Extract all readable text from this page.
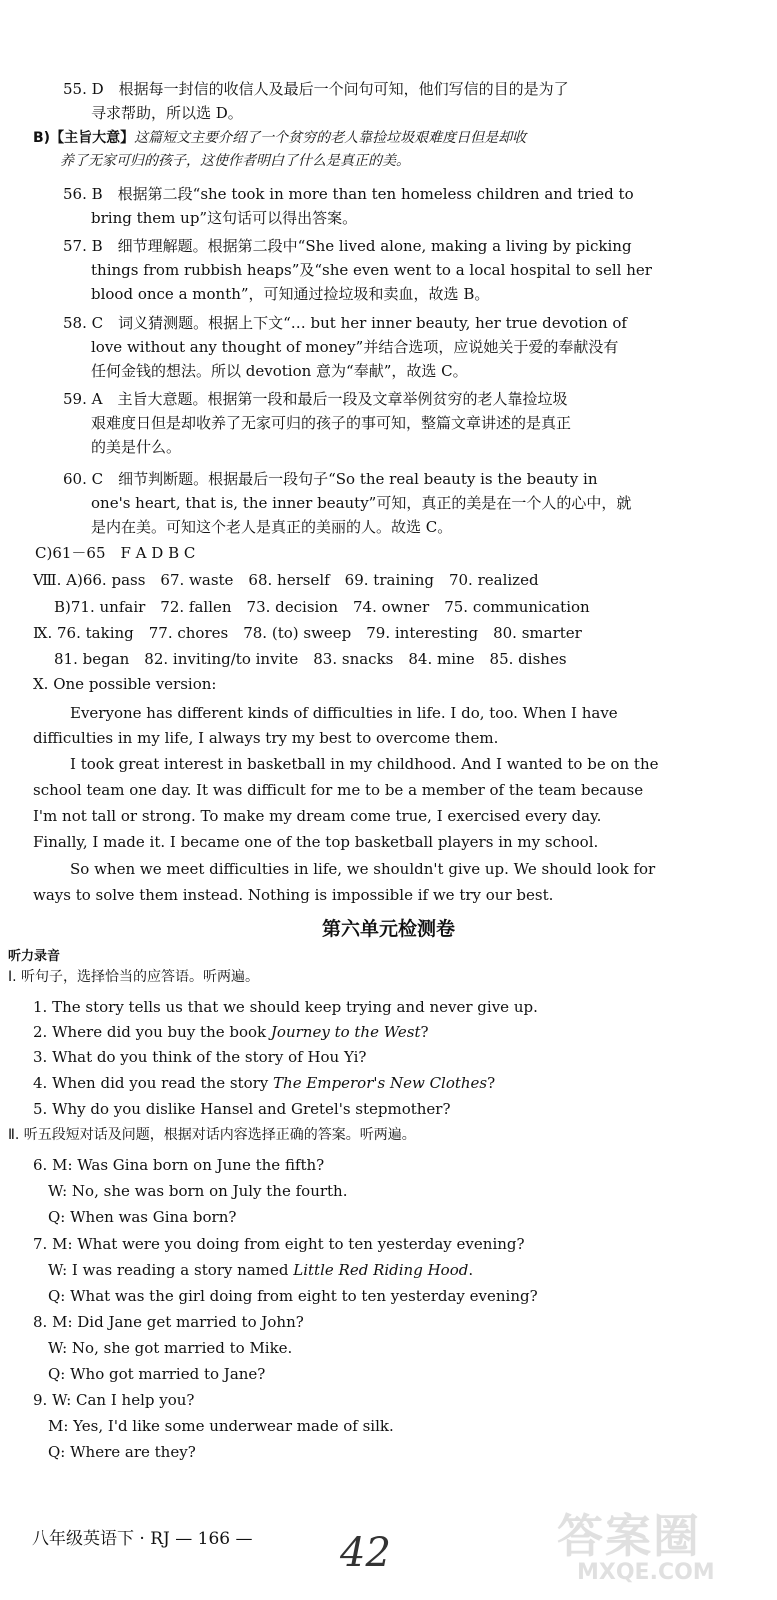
55. D　根据每一封信的收信人及最后一个问句可知，他们写信的目的是为了
寻求帮助，所以选 D。
B)【主旨大意】这篇短文主要介绍了一个贫穷的老人靠捡垃圾艰难度日但是却收
养了无家可归的孩子，这使作者明白了什么是真正的美。
56. B　根据第二段“she took in more than ten homeless children and tried to
bring them up”这句话可以得出答案。
57. B　细节理解题。根据第二段中“She lived alone, making a living by picking
things from rubbish heaps”及“she even went to a local hospital to sell her
blood once a month”，可知通过捡垃圾和卖血，故选 B。
58. C　词义猜测题。根据上下文“… but her inner beauty, her true devotion of
love without any thought of money”并结合选项，应说她关于爱的奉献没有
任何金钱的想法。所以 devotion 意为“奉献”，故选 C。
59. A　主旨大意题。根据第一段和最后一段及文章举例贫穷的老人靠捡垃圾
艰难度日但是却收养了无家可归的孩子的事可知，整篇文章讲述的是真正
的美是什么。
60. C　细节判断题。根据最后一段句子“So the real beauty is the beauty in
one's heart, that is, the inner beauty”可知，真正的美是在一个人的心中，就
是内在美。可知这个老人是真正的美丽的人。故选 C。
C)61－65　F A D B C
Ⅷ. A)66. pass　67. waste　68. herself　69. training　70. realized
B)71. unfair　72. fallen　73. decision　74. owner　75. communication
Ⅸ. 76. taking　77. chores　78. (to) sweep　79. interesting　80. smarter
81. began　82. inviting/to invite　83. snacks　84. mine　85. dishes
Ⅹ. One possible version:
Everyone has different kinds of difficulties in life. I do, too. When I have
difficulties in my life, I always try my best to overcome them.
I took great interest in basketball in my childhood. And I wanted to be on the
school team one day. It was difficult for me to be a member of the team because
I'm not tall or strong. To make my dream come true, I exercised every day.
Finally, I made it. I became one of the top basketball players in my school.
So when we meet difficulties in life, we shouldn't give up. We should look for
ways to solve them instead. Nothing is impossible if we try our best.
第六单元检测卷
听力录音
Ⅰ. 听句子，选择恰当的应答语。听两遍。
1. The story tells us that we should keep trying and never give up.
2. Where did you buy the book Journey to the West?
3. What do you think of the story of Hou Yi?
4. When did you read the story The Emperor's New Clothes?
5. Why do you dislike Hansel and Gretel's stepmother?
Ⅱ. 听五段短对话及问题，根据对话内容选择正确的答案。听两遍。
6. M: Was Gina born on June the fifth?
W: No, she was born on July the fourth.
Q: When was Gina born?
7. M: What were you doing from eight to ten yesterday evening?
W: I was reading a story named Little Red Riding Hood.
Q: What was the girl doing from eight to ten yesterday evening?
8. M: Did Jane get married to John?
W: No, she got married to Mike.
Q: Who got married to Jane?
9. W: Can I help you?
M: Yes, I'd like some underwear made of silk.
Q: Where are they?
八年级英语下 · RJ — 166 — 42	答案圈
MXQE.COM
